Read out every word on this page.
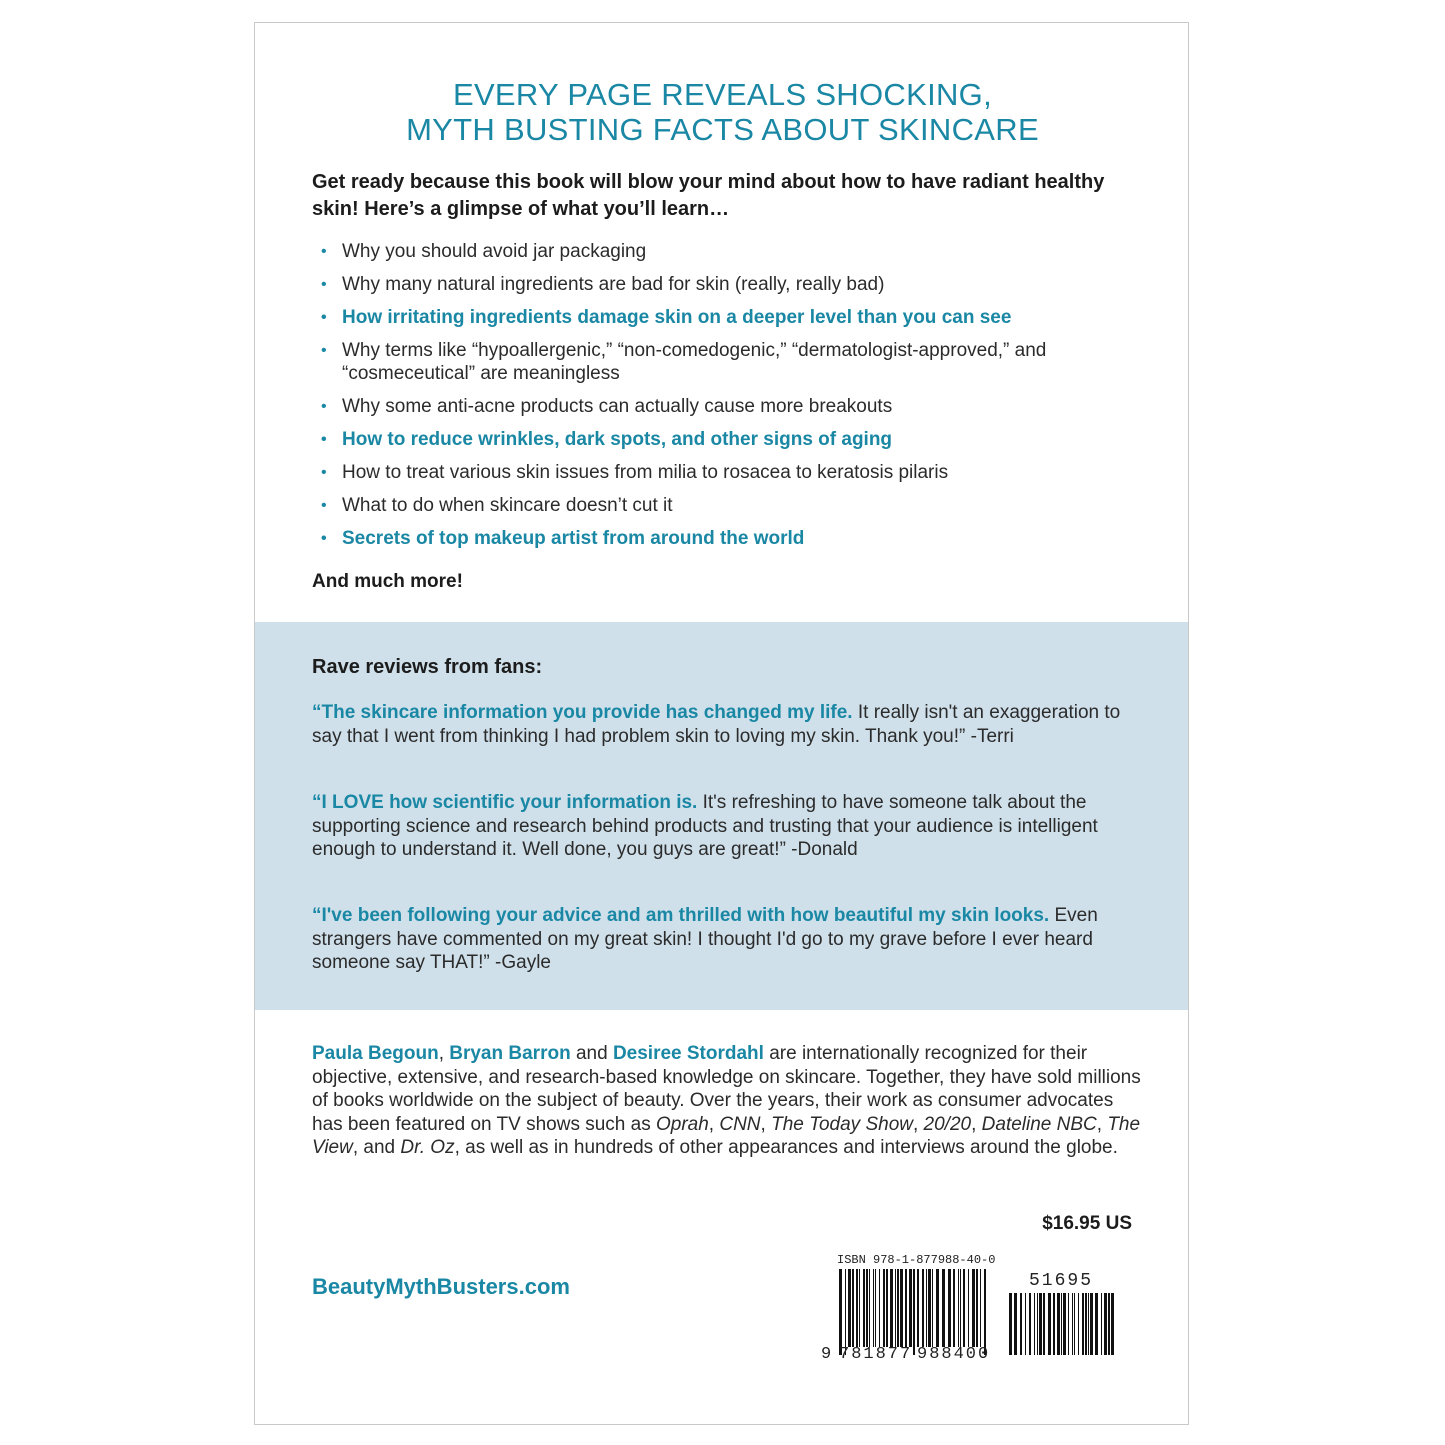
EVERY PAGE REVEALS SHOCKING,
MYTH BUSTING FACTS ABOUT SKINCARE
Get ready because this book will blow your mind about how to have radiant healthy skin! Here’s a glimpse of what you’ll learn…
• Why you should avoid jar packaging
• Why many natural ingredients are bad for skin (really, really bad)
• How irritating ingredients damage skin on a deeper level than you can see
• Why terms like “hypoallergenic,” “non-comedogenic,” “dermatologist-approved,” and “cosmeceutical” are meaningless
• Why some anti-acne products can actually cause more breakouts
• How to reduce wrinkles, dark spots, and other signs of aging
• How to treat various skin issues from milia to rosacea to keratosis pilaris
• What to do when skincare doesn’t cut it
• Secrets of top makeup artist from around the world
And much more!
Rave reviews from fans:
“The skincare information you provide has changed my life. It really isn't an exaggeration to say that I went from thinking I had problem skin to loving my skin. Thank you!” -Terri
“I LOVE how scientific your information is. It's refreshing to have someone talk about the supporting science and research behind products and trusting that your audience is intelligent enough to understand it. Well done, you guys are great!” -Donald
“I've been following your advice and am thrilled with how beautiful my skin looks. Even strangers have commented on my great skin! I thought I'd go to my grave before I ever heard someone say THAT!” -Gayle
Paula Begoun, Bryan Barron and Desiree Stordahl are internationally recognized for their objective, extensive, and research-based knowledge on skincare. Together, they have sold millions of books worldwide on the subject of beauty. Over the years, their work as consumer advocates has been featured on TV shows such as Oprah, CNN, The Today Show, 20/20, Dateline NBC, The View, and Dr. Oz, as well as in hundreds of other appearances and interviews around the globe.
$16.95 US
BeautyMythBusters.com
ISBN 978-1-877988-40-0
51695
9 781877 988400
